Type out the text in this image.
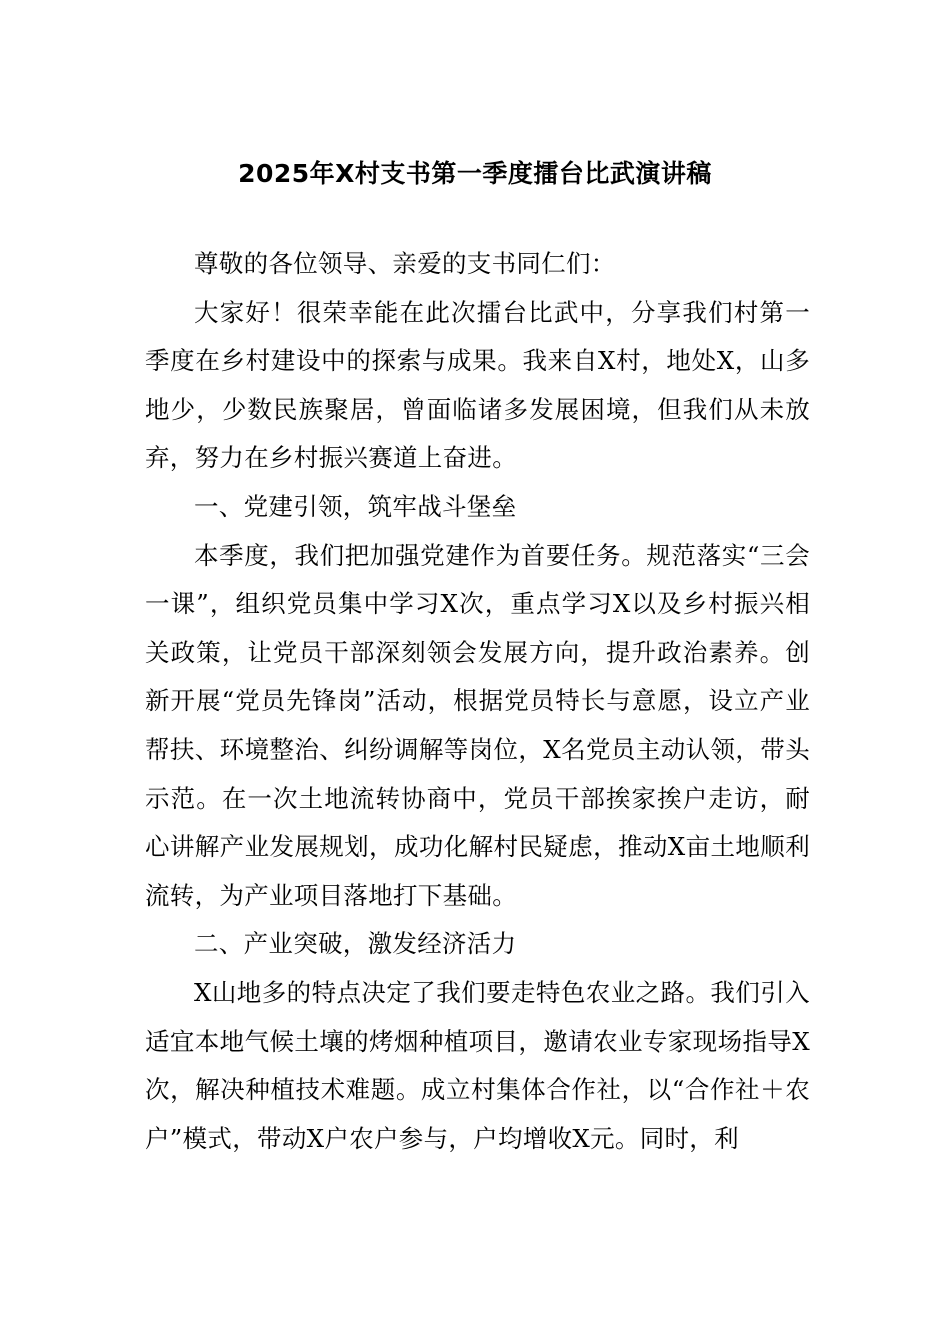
2025年X村支书第一季度擂台比武演讲稿

尊敬的各位领导、亲爱的支书同仁们：

大家好！很荣幸能在此次擂台比武中，分享我们村第一季度在乡村建设中的探索与成果。我来自X村，地处X，山多地少，少数民族聚居，曾面临诸多发展困境，但我们从未放弃，努力在乡村振兴赛道上奋进。

一、党建引领，筑牢战斗堡垒

本季度，我们把加强党建作为首要任务。规范落实“三会一课”，组织党员集中学习X次，重点学习X以及乡村振兴相关政策，让党员干部深刻领会发展方向，提升政治素养。创新开展“党员先锋岗”活动，根据党员特长与意愿，设立产业帮扶、环境整治、纠纷调解等岗位，X名党员主动认领，带头示范。在一次土地流转协商中，党员干部挨家挨户走访，耐心讲解产业发展规划，成功化解村民疑虑，推动X亩土地顺利流转，为产业项目落地打下基础。

二、产业突破，激发经济活力

X山地多的特点决定了我们要走特色农业之路。我们引入适宜本地气候土壤的烤烟种植项目，邀请农业专家现场指导X次，解决种植技术难题。成立村集体合作社，以“合作社＋农户”模式，带动X户农户参与，户均增收X元。同时，利
